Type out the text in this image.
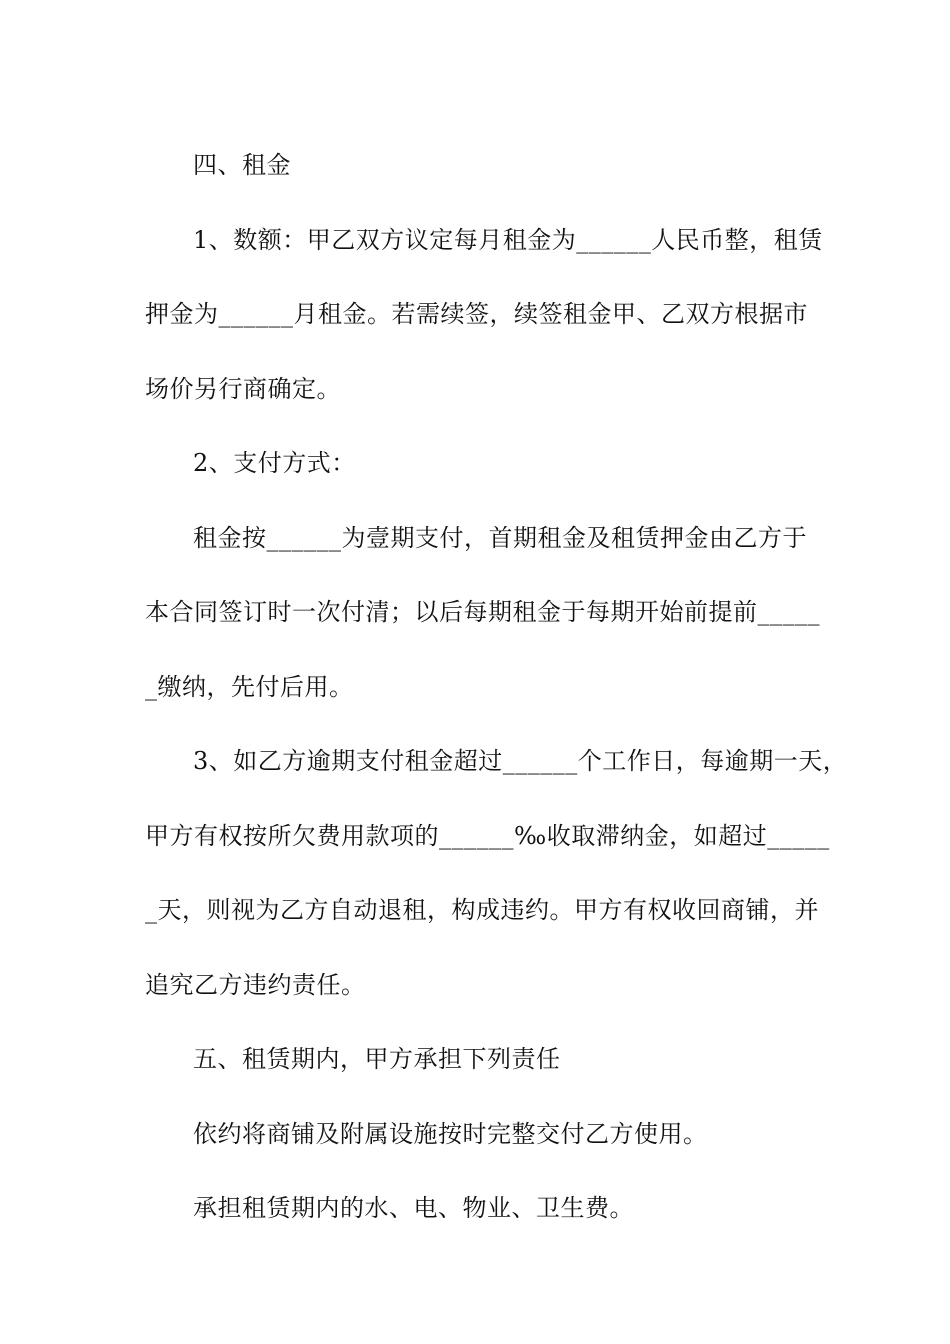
四、租金
1、数额：甲乙双方议定每月租金为______人民币整，租赁
押金为______月租金。若需续签，续签租金甲、乙双方根据市
场价另行商确定。
2、支付方式：
租金按______为壹期支付，首期租金及租赁押金由乙方于
本合同签订时一次付清；以后每期租金于每期开始前提前_____
_缴纳，先付后用。
3、如乙方逾期支付租金超过______个工作日，每逾期一天，
甲方有权按所欠费用款项的______‰收取滞纳金，如超过_____
_天，则视为乙方自动退租，构成违约。甲方有权收回商铺，并
追究乙方违约责任。
五、租赁期内，甲方承担下列责任
依约将商铺及附属设施按时完整交付乙方使用。
承担租赁期内的水、电、物业、卫生费。
